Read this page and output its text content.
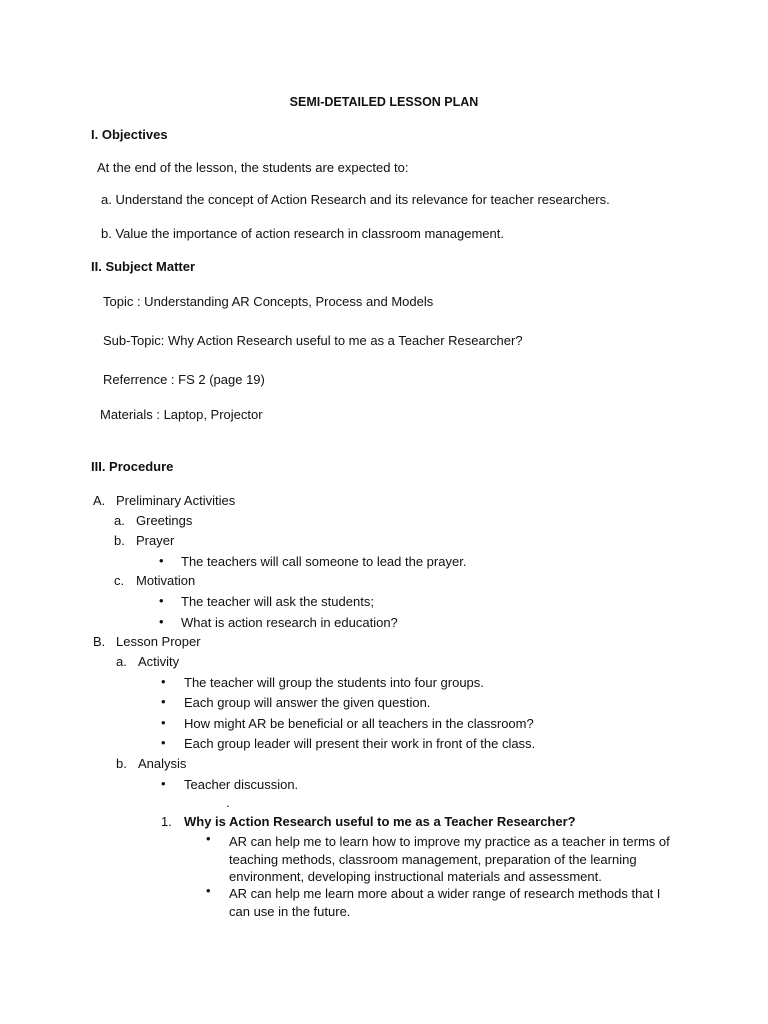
SEMI-DETAILED LESSON PLAN
I. Objectives
At the end of the lesson, the students are expected to:
a. Understand the concept of Action Research and its relevance for teacher researchers.
b. Value the importance of action research in classroom management.
II. Subject Matter
Topic : Understanding AR Concepts, Process and Models
Sub-Topic: Why Action Research useful to me as a Teacher Researcher?
Referrence : FS 2 (page 19)
Materials : Laptop, Projector
III. Procedure
A. Preliminary Activities
a. Greetings
b. Prayer
• The teachers will call someone to lead the prayer.
c. Motivation
• The teacher will ask the students;
• What is action research in education?
B. Lesson Proper
a. Activity
• The teacher will group the students into four groups.
• Each group will answer the given question.
• How might AR be beneficial or all teachers in the classroom?
• Each group leader will present their work in front of the class.
b. Analysis
• Teacher discussion.
.
1. Why is Action Research useful to me as a Teacher Researcher?
• AR can help me to learn how to improve my practice as a teacher in terms of teaching methods, classroom management, preparation of the learning environment, developing instructional materials and assessment.
• AR can help me learn more about a wider range of research methods that I can use in the future.
